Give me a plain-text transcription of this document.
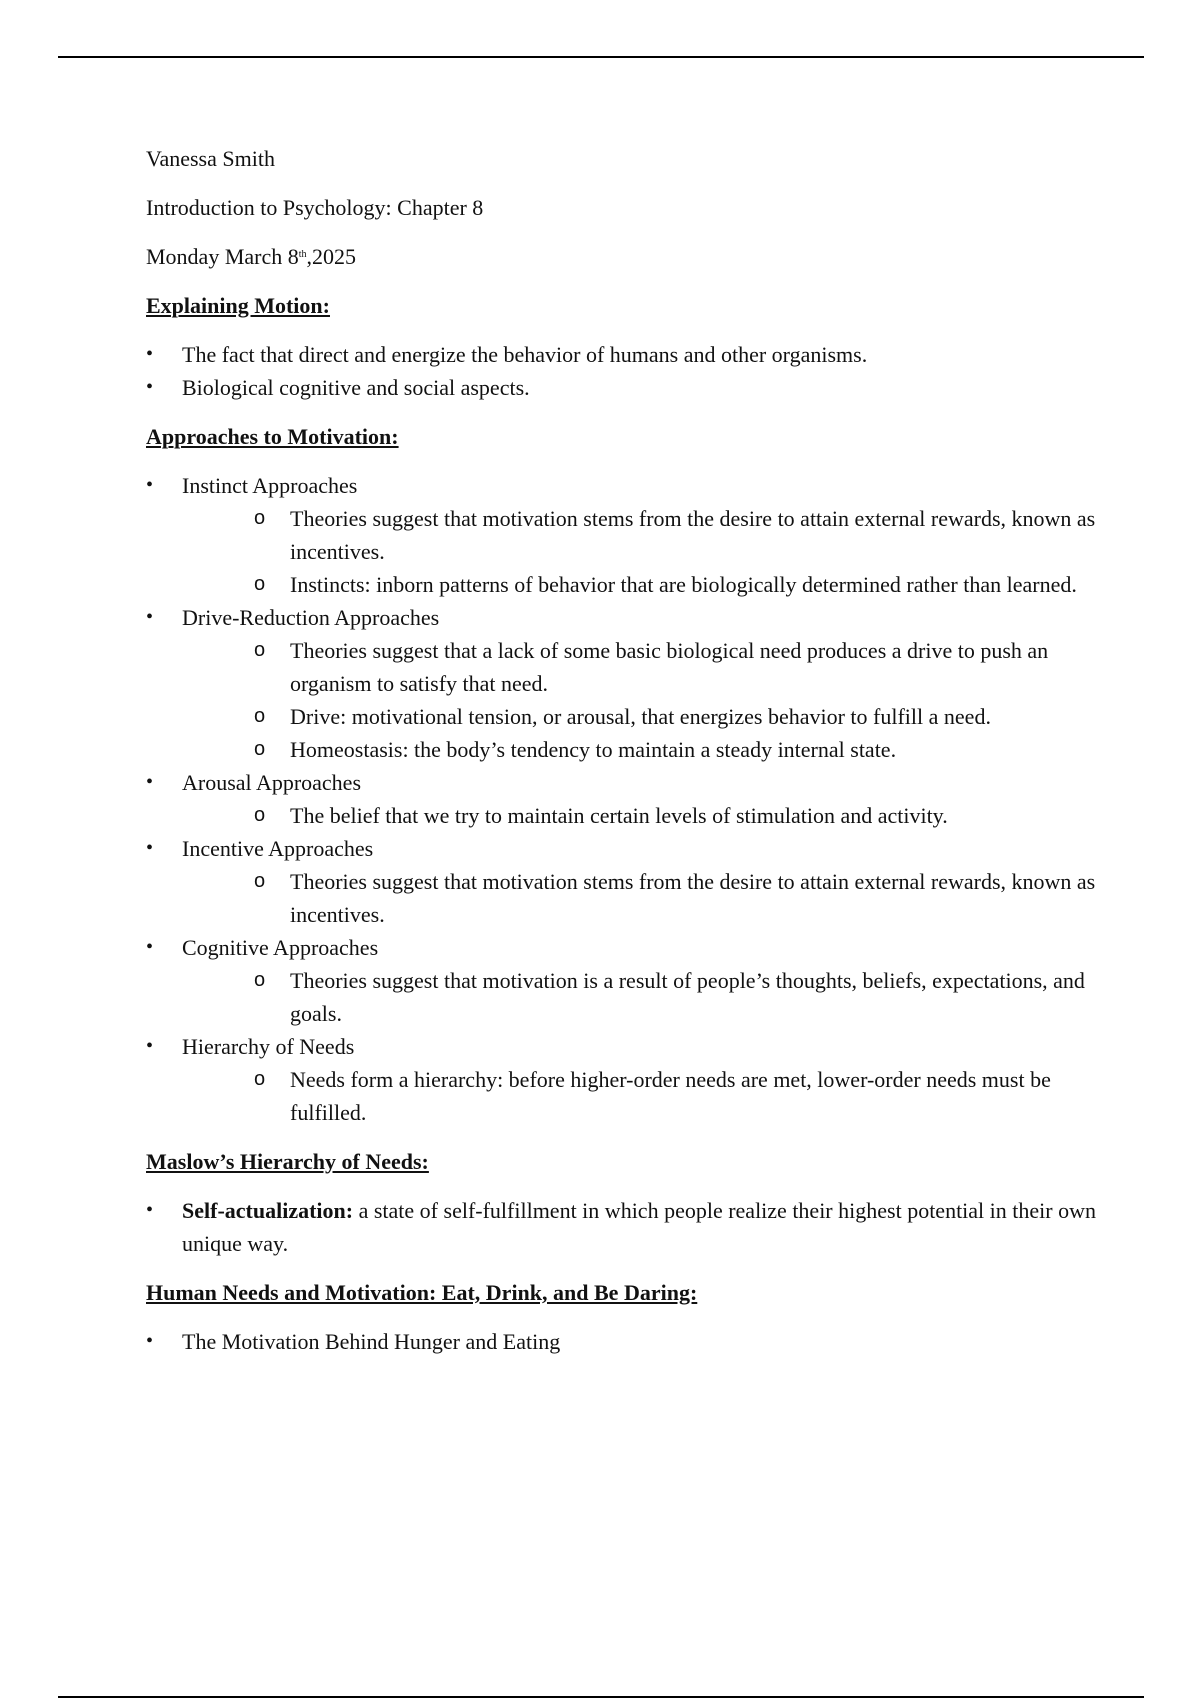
Vanessa Smith

Introduction to Psychology: Chapter 8

Monday March 8th,2025

Explaining Motion:

• The fact that direct and energize the behavior of humans and other organisms.
• Biological cognitive and social aspects.

Approaches to Motivation:

• Instinct Approaches
o Theories suggest that motivation stems from the desire to attain external rewards, known as incentives.
o Instincts: inborn patterns of behavior that are biologically determined rather than learned.
• Drive-Reduction Approaches
o Theories suggest that a lack of some basic biological need produces a drive to push an organism to satisfy that need.
o Drive: motivational tension, or arousal, that energizes behavior to fulfill a need.
o Homeostasis: the body’s tendency to maintain a steady internal state.
• Arousal Approaches
o The belief that we try to maintain certain levels of stimulation and activity.
• Incentive Approaches
o Theories suggest that motivation stems from the desire to attain external rewards, known as incentives.
• Cognitive Approaches
o Theories suggest that motivation is a result of people’s thoughts, beliefs, expectations, and goals.
• Hierarchy of Needs
o Needs form a hierarchy: before higher-order needs are met, lower-order needs must be fulfilled.

Maslow’s Hierarchy of Needs:

• Self-actualization: a state of self-fulfillment in which people realize their highest potential in their own unique way.

Human Needs and Motivation: Eat, Drink, and Be Daring:

• The Motivation Behind Hunger and Eating
